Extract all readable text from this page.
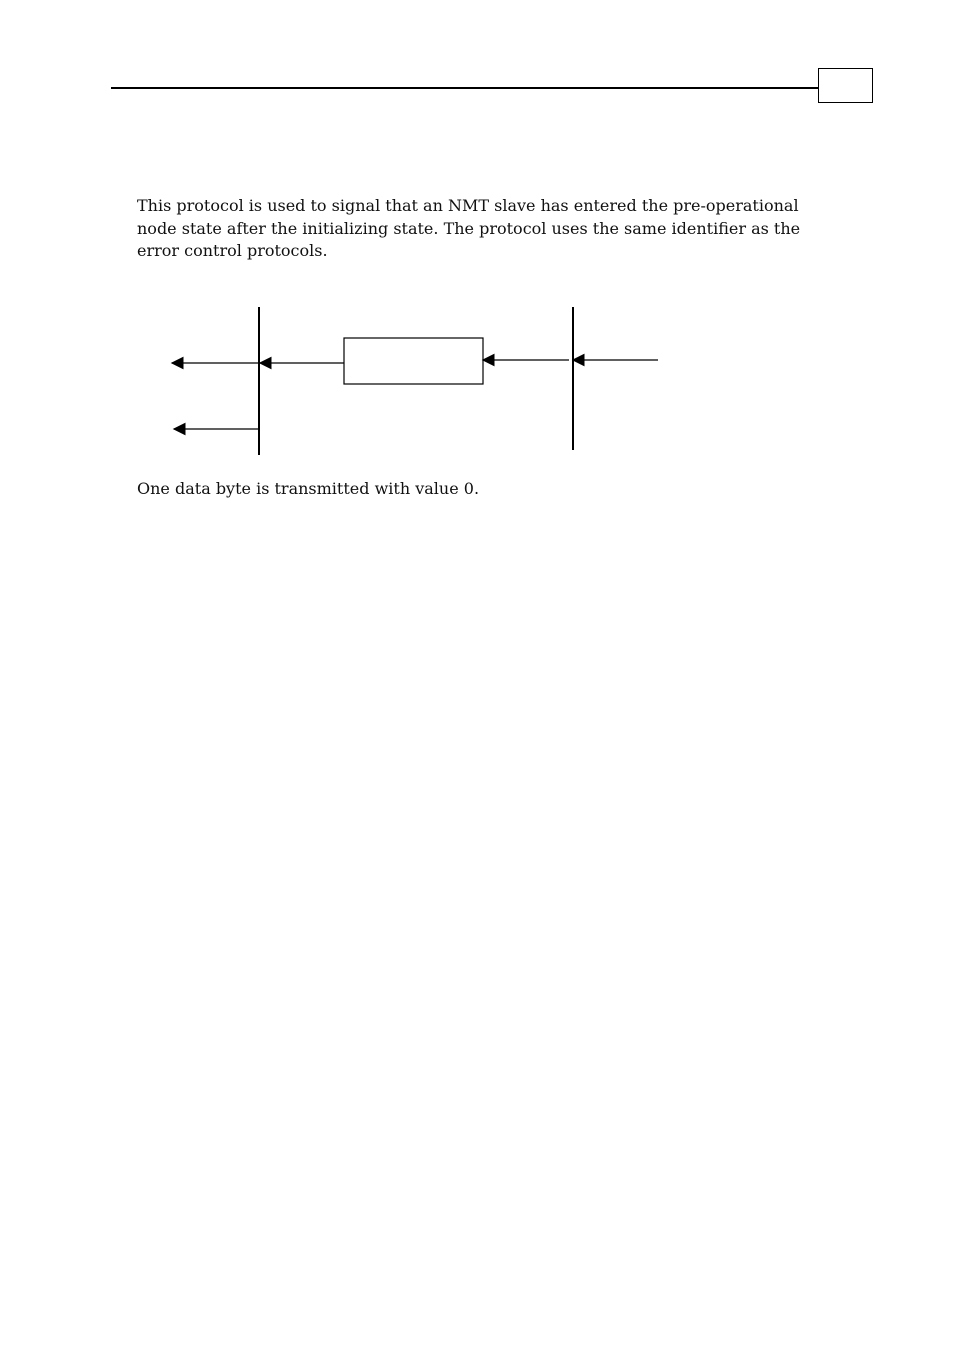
This protocol is used to signal that an NMT slave has entered the pre-operational node state after the initializing state. The protocol uses the same identifier as the error control protocols.

One data byte is transmitted with value 0.
